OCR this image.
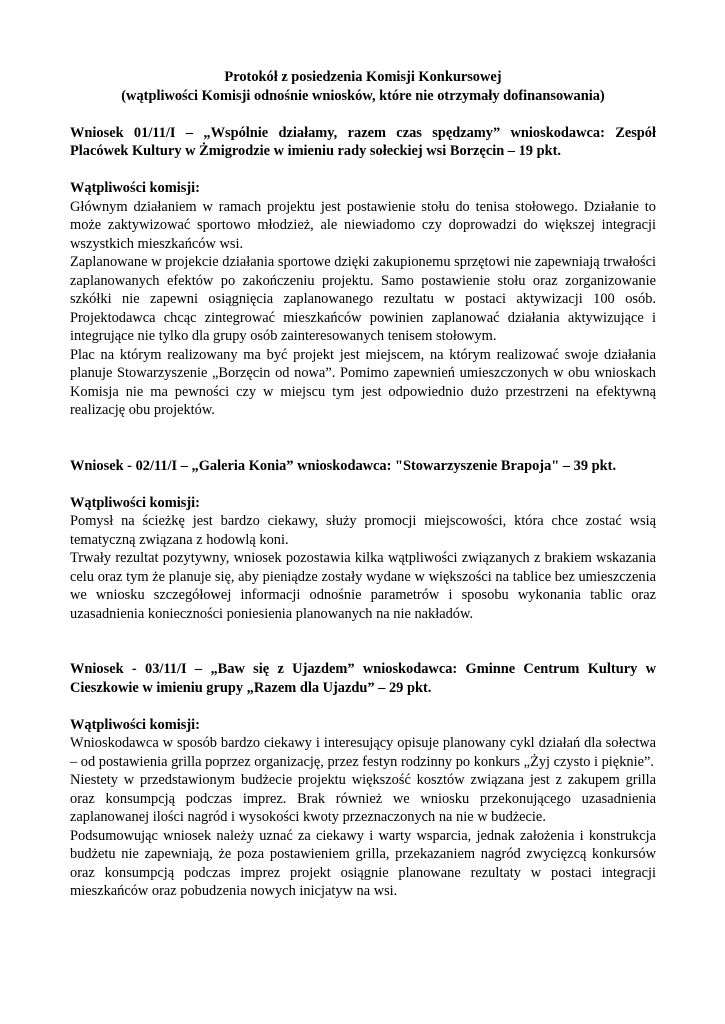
Protokół z posiedzenia Komisji Konkursowej
(wątpliwości Komisji odnośnie wniosków, które nie otrzymały dofinansowania)

Wniosek 01/11/I – „Wspólnie działamy, razem czas spędzamy” wnioskodawca: Zespół Placówek Kultury w Żmigrodzie w imieniu rady sołeckiej wsi Borzęcin – 19 pkt.

Wątpliwości komisji:

Głównym działaniem w ramach projektu jest postawienie stołu do tenisa stołowego. Działanie to może zaktywizować sportowo młodzież, ale niewiadomo czy doprowadzi do większej integracji wszystkich mieszkańców wsi.

Zaplanowane w projekcie działania sportowe dzięki zakupionemu sprzętowi nie zapewniają trwałości zaplanowanych efektów po zakończeniu projektu. Samo postawienie stołu oraz zorganizowanie szkółki nie zapewni osiągnięcia zaplanowanego rezultatu w postaci aktywizacji 100 osób. Projektodawca chcąc zintegrować mieszkańców powinien zaplanować działania aktywizujące i integrujące nie tylko dla grupy osób zainteresowanych tenisem stołowym.

Plac na którym realizowany ma być projekt jest miejscem, na którym realizować swoje działania planuje Stowarzyszenie „Borzęcin od nowa”. Pomimo zapewnień umieszczonych w obu wnioskach Komisja nie ma pewności czy w miejscu tym jest odpowiednio dużo przestrzeni na efektywną realizację obu projektów.

Wniosek - 02/11/I – „Galeria Konia” wnioskodawca: "Stowarzyszenie Brapoja" – 39 pkt.

Wątpliwości komisji:

Pomysł na ścieżkę jest bardzo ciekawy, służy promocji miejscowości, która chce zostać wsią tematyczną związana z hodowlą koni.

Trwały rezultat pozytywny, wniosek pozostawia kilka wątpliwości związanych z brakiem wskazania celu oraz tym że planuje się, aby pieniądze zostały wydane w większości na tablice bez umieszczenia we wniosku szczegółowej informacji odnośnie parametrów i sposobu wykonania tablic oraz uzasadnienia konieczności poniesienia planowanych na nie nakładów.

Wniosek - 03/11/I – „Baw się z Ujazdem” wnioskodawca: Gminne Centrum Kultury w Cieszkowie w imieniu grupy „Razem dla Ujazdu” – 29 pkt.

Wątpliwości komisji:

Wnioskodawca w sposób bardzo ciekawy i interesujący opisuje planowany cykl działań dla sołectwa – od postawienia grilla poprzez organizację, przez festyn rodzinny po konkurs „Żyj czysto i pięknie”.

Niestety w przedstawionym budżecie projektu większość kosztów związana jest z zakupem grilla oraz konsumpcją podczas imprez. Brak również we wniosku przekonującego uzasadnienia zaplanowanej ilości nagród i wysokości kwoty przeznaczonych na nie w budżecie.

Podsumowując wniosek należy uznać za ciekawy i warty wsparcia, jednak założenia i konstrukcja budżetu nie zapewniają, że poza postawieniem grilla, przekazaniem nagród zwycięzcą konkursów oraz konsumpcją podczas imprez projekt osiągnie planowane rezultaty w postaci integracji mieszkańców oraz pobudzenia nowych inicjatyw na wsi.
